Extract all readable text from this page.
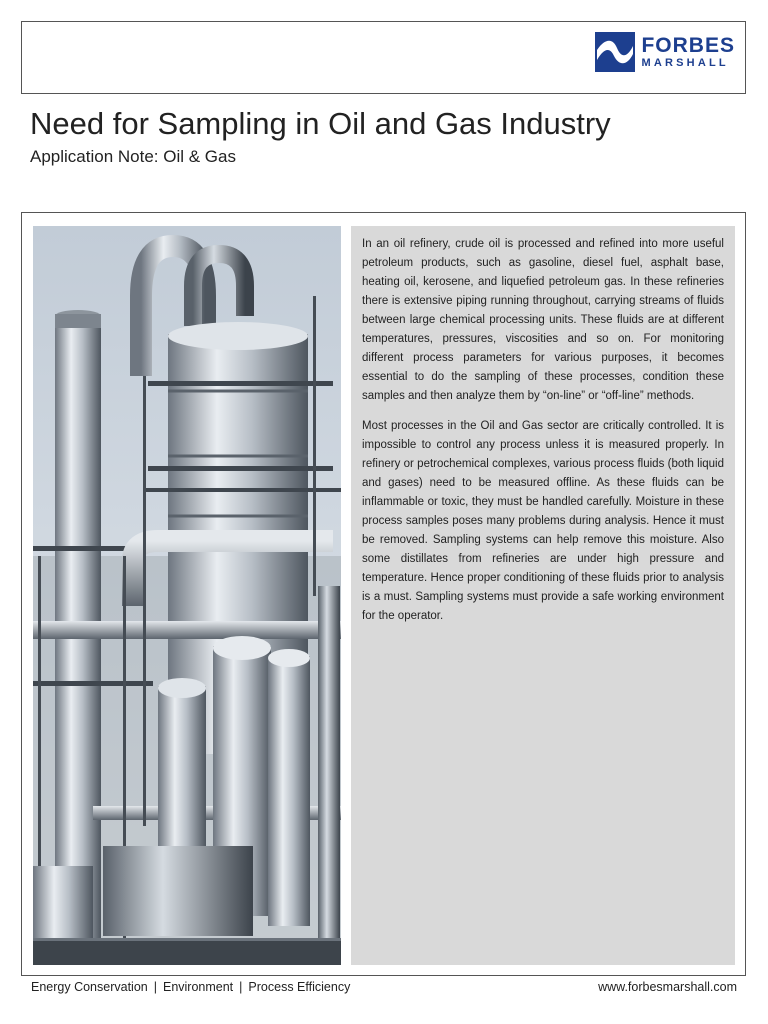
FORBES
MARSHALL
Need for Sampling in Oil and Gas Industry
Application Note: Oil & Gas

In an oil refinery, crude oil is processed and refined into more useful petroleum products, such as gasoline, diesel fuel, asphalt base, heating oil, kerosene, and liquefied petroleum gas. In these refineries there is extensive piping running throughout, carrying streams of fluids between large chemical processing units. These fluids are at different temperatures, pressures, viscosities and so on. For monitoring different process parameters for various purposes, it becomes essential to do the sampling of these processes, condition these samples and then analyze them by “on-line” or “off-line” methods.

Most processes in the Oil and Gas sector are critically controlled. It is impossible to control any process unless it is measured properly. In refinery or petrochemical complexes, various process fluids (both liquid and gases) need to be measured offline. As these fluids can be inflammable or toxic, they must be handled carefully. Moisture in these process samples poses many problems during analysis. Hence it must be removed. Sampling systems can help remove this moisture. Also some distillates from refineries are under high pressure and temperature. Hence proper conditioning of these fluids prior to analysis is a must. Sampling systems must provide a safe working environment for the operator.

Energy Conservation | Environment | Process Efficiency	www.forbesmarshall.com
